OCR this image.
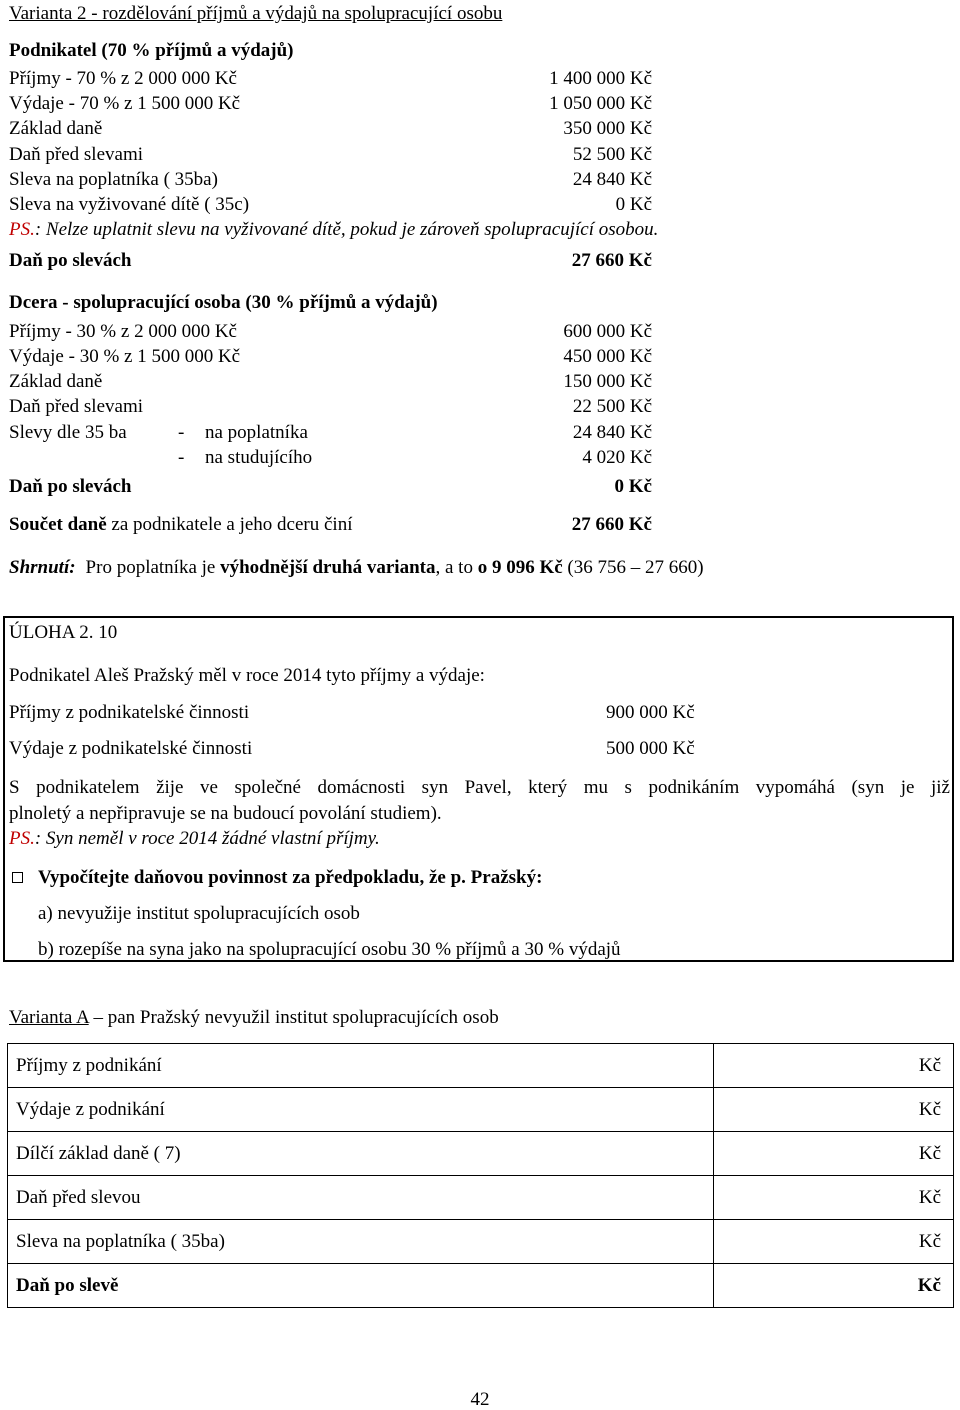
Varianta 2 - rozdělování příjmů a výdajů na spolupracující osobu
Podnikatel (70 % příjmů a výdajů)
Příjmy - 70 % z 2 000 000 Kč	1 400 000 Kč
Výdaje - 70 % z 1 500 000 Kč	1 050 000 Kč
Základ daně	350 000 Kč
Daň před slevami	52 500 Kč
Sleva na poplatníka ( 35ba)	24 840 Kč
Sleva na vyživované dítě ( 35c)	0 Kč
PS.: Nelze uplatnit slevu na vyživované dítě, pokud je zároveň spolupracující osobou.
Daň po slevách	27 660 Kč
Dcera - spolupracující osoba (30 % příjmů a výdajů)
Příjmy - 30 % z 2 000 000 Kč	600 000 Kč
Výdaje - 30 % z 1 500 000 Kč	450 000 Kč
Základ daně	150 000 Kč
Daň před slevami	22 500 Kč
Slevy dle 35 ba	- na poplatníka	24 840 Kč
- na studujícího	4 020 Kč
Daň po slevách	0 Kč
Součet daně za podnikatele a jeho dceru činí	27 660 Kč
Shrnutí: Pro poplatníka je výhodnější druhá varianta, a to o 9 096 Kč (36 756 – 27 660)
ÚLOHA 2. 10
Podnikatel Aleš Pražský měl v roce 2014 tyto příjmy a výdaje:
Příjmy z podnikatelské činnosti	900 000 Kč
Výdaje z podnikatelské činnosti	500 000 Kč
S podnikatelem žije ve společné domácnosti syn Pavel, který mu s podnikáním vypomáhá (syn je již
plnoletý a nepřipravuje se na budoucí povolání studiem).
PS.: Syn neměl v roce 2014 žádné vlastní příjmy.
Vypočítejte daňovou povinnost za předpokladu, že p. Pražský:
a) nevyužije institut spolupracujících osob
b) rozepíše na syna jako na spolupracující osobu 30 % příjmů a 30 % výdajů
Varianta A – pan Pražský nevyužil institut spolupracujících osob
Příjmy z podnikání	Kč
Výdaje z podnikání	Kč
Dílčí základ daně ( 7)	Kč
Daň před slevou	Kč
Sleva na poplatníka ( 35ba)	Kč
Daň po slevě	Kč
42
